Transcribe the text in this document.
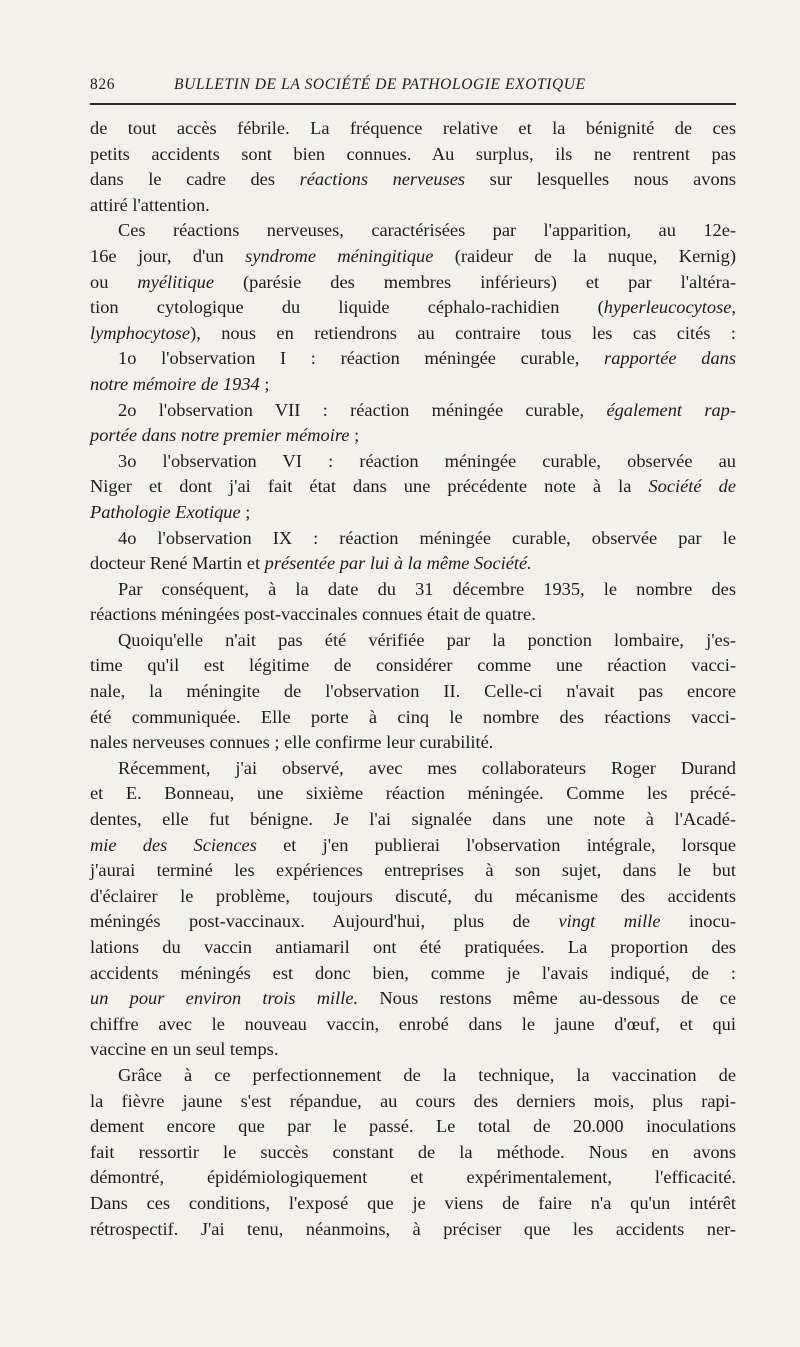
826	BULLETIN DE LA SOCIÉTÉ DE PATHOLOGIE EXOTIQUE
de tout accès fébrile. La fréquence relative et la bénignité de ces
petits accidents sont bien connues. Au surplus, ils ne rentrent pas
dans le cadre des réactions nerveuses sur lesquelles nous avons
attiré l'attention.
Ces réactions nerveuses, caractérisées par l'apparition, au 12e-
16e jour, d'un syndrome méningitique (raideur de la nuque, Kernig)
ou myélitique (parésie des membres inférieurs) et par l'altéra-
tion cytologique du liquide céphalo-rachidien (hyperleucocytose,
lymphocytose), nous en retiendrons au contraire tous les cas cités :
1o l'observation I : réaction méningée curable, rapportée dans
notre mémoire de 1934 ;
2o l'observation VII : réaction méningée curable, également rap-
portée dans notre premier mémoire ;
3o l'observation VI : réaction méningée curable, observée au
Niger et dont j'ai fait état dans une précédente note à la Société de
Pathologie Exotique ;
4o l'observation IX : réaction méningée curable, observée par le
docteur René Martin et présentée par lui à la même Société.
Par conséquent, à la date du 31 décembre 1935, le nombre des
réactions méningées post-vaccinales connues était de quatre.
Quoiqu'elle n'ait pas été vérifiée par la ponction lombaire, j'es-
time qu'il est légitime de considérer comme une réaction vacci-
nale, la méningite de l'observation II. Celle-ci n'avait pas encore
été communiquée. Elle porte à cinq le nombre des réactions vacci-
nales nerveuses connues ; elle confirme leur curabilité.
Récemment, j'ai observé, avec mes collaborateurs Roger Durand
et E. Bonneau, une sixième réaction méningée. Comme les précé-
dentes, elle fut bénigne. Je l'ai signalée dans une note à l'Acadé-
mie des Sciences et j'en publierai l'observation intégrale, lorsque
j'aurai terminé les expériences entreprises à son sujet, dans le but
d'éclairer le problème, toujours discuté, du mécanisme des accidents
méningés post-vaccinaux. Aujourd'hui, plus de vingt mille inocu-
lations du vaccin antiamaril ont été pratiquées. La proportion des
accidents méningés est donc bien, comme je l'avais indiqué, de :
un pour environ trois mille. Nous restons même au-dessous de ce
chiffre avec le nouveau vaccin, enrobé dans le jaune d'œuf, et qui
vaccine en un seul temps.
Grâce à ce perfectionnement de la technique, la vaccination de
la fièvre jaune s'est répandue, au cours des derniers mois, plus rapi-
dement encore que par le passé. Le total de 20.000 inoculations
fait ressortir le succès constant de la méthode. Nous en avons
démontré, épidémiologiquement et expérimentalement, l'efficacité.
Dans ces conditions, l'exposé que je viens de faire n'a qu'un intérêt
rétrospectif. J'ai tenu, néanmoins, à préciser que les accidents ner-
